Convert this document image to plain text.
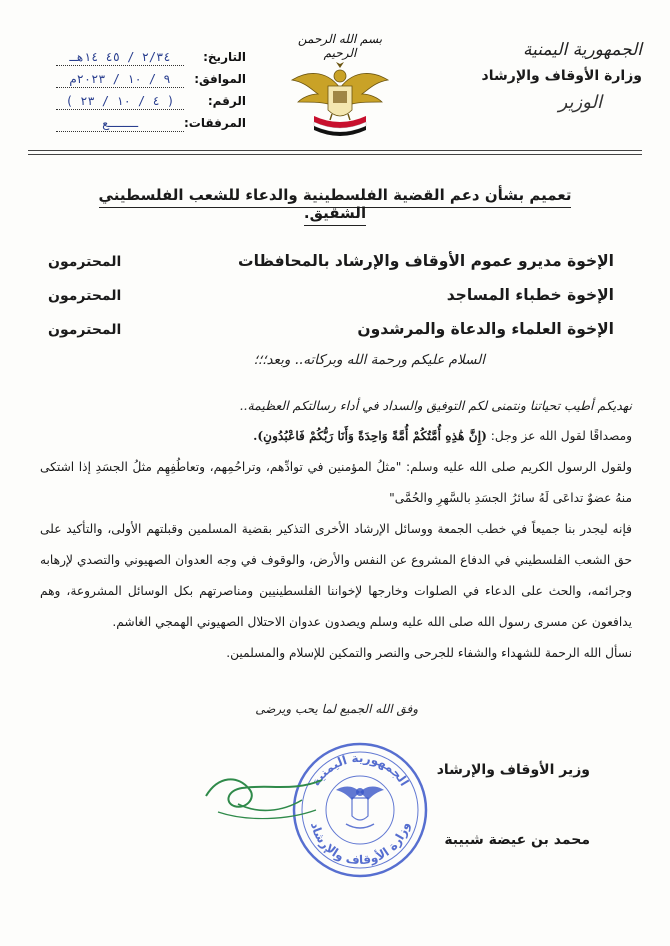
الجمهورية اليمنية
وزارة الأوقاف والإرشاد
الوزير
بسم الله الرحمن الرحيم
التاريخ:
٢/٣٤ / ٤٥ ١٤هـ
الموافق:
٩ / ١٠ / ٢٠٢٣م
الرقم:
( ٤ / ١٠ / ٢٣ )
المرفقات:
ــــع
تعميم بشأن دعم القضية الفلسطينية والدعاء للشعب الفلسطيني الشقيق.
الإخوة مديرو عموم الأوقاف والإرشاد بالمحافظات
المحترمون
الإخوة خطباء المساجد
المحترمون
الإخوة العلماء والدعاة والمرشدون
المحترمون
السلام عليكم ورحمة الله وبركاته.. وبعد؛؛؛

نهديكم أطيب تحياتنا ونتمنى لكم التوفيق والسداد في أداء رسالتكم العظيمة..

ومصداقًا لقول الله عز وجل: (إِنَّ هَٰذِهِ أُمَّتُكُمْ أُمَّةً وَاحِدَةً وَأَنَا رَبُّكُمْ فَاعْبُدُونِ).

ولقول الرسول الكريم صلى الله عليه وسلم: "مثلُ المؤمنين في توادِّهم، وتراحُمِهم، وتعاطُفِهِم مثلُ الجسَدِ إذا اشتكى منهُ عضوٌ تداعَى لَهُ سائرُ الجسَدِ بالسَّهرِ والحُمَّى"

فإنه ليجدر بنا جميعاً في خطب الجمعة ووسائل الإرشاد الأخرى التذكير بقضية المسلمين وقبلتهم الأولى، والتأكيد على حق الشعب الفلسطيني في الدفاع المشروع عن النفس والأرض، والوقوف في وجه العدوان الصهيوني والتصدي لإرهابه وجرائمه، والحث على الدعاء في الصلوات وخارجها لإخواننا الفلسطينيين ومناصرتهم بكل الوسائل المشروعة، وهم يدافعون عن مسرى رسول الله صلى الله عليه وسلم ويصدون عدوان الاحتلال الصهيوني الهمجي الغاشم.

نسأل الله الرحمة للشهداء والشفاء للجرحى والنصر والتمكين للإسلام والمسلمين.

وفق الله الجميع لما يحب ويرضى
الجمهورية اليمنية
وزارة الأوقاف والإرشاد
وزير الأوقاف والإرشاد
محمد بن عيضة شبيبة
